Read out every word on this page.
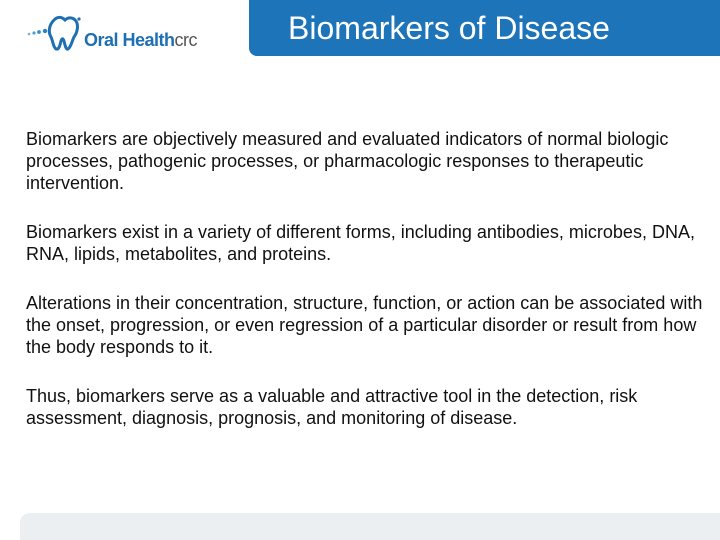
Biomarkers of Disease
Oral Healthcrc

Biomarkers are objectively measured and evaluated indicators of normal biologic processes, pathogenic processes, or pharmacologic responses to therapeutic intervention.

Biomarkers exist in a variety of different forms, including antibodies, microbes, DNA, RNA, lipids, metabolites, and proteins.

Alterations in their concentration, structure, function, or action can be associated with the onset, progression, or even regression of a particular disorder or result from how the body responds to it.

Thus, biomarkers serve as a valuable and attractive tool in the detection, risk assessment, diagnosis, prognosis, and monitoring of disease.
